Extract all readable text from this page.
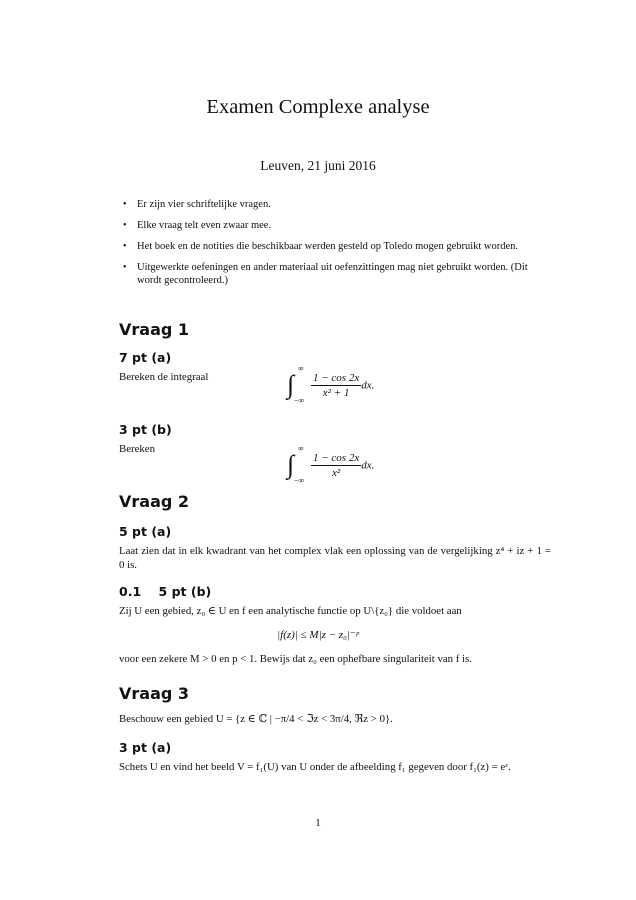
Examen Complexe analyse
Leuven, 21 juni 2016
• Er zijn vier schriftelijke vragen.
• Elke vraag telt even zwaar mee.
• Het boek en de notities die beschikbaar werden gesteld op Toledo mogen gebruikt worden.
• Uitgewerkte oefeningen en ander materiaal uit oefenzittingen mag niet gebruikt worden. (Dit wordt gecontroleerd.)
Vraag 1
7 pt (a)
Bereken de integraal	∫
∞
−∞
$\frac{1 - \cos 2x}{\text{x² + 1}}$ dx.
3 pt (b)
Bereken
∫
∞
−∞
$\frac{1 - \cos 2x}{\text{x²}}$ dx.
Vraag 2
5 pt (a)
Laat zien dat in elk kwadrant van het complex vlak een oplossing van de vergelijking z⁴ + iz + 1 = 0 is.
0.1    5 pt (b)
Zij U een gebied, z₀ ∈ U en f een analytische functie op U\{z₀} die voldoet aan
|f(z)| ≤ M|z − z₀|⁻ᵖ
voor een zekere M > 0 en p < 1. Bewijs dat z₀ een ophefbare singulariteit van f is.
Vraag 3
Beschouw een gebied U = {z ∈ ℂ | −π/4 < ℑz < 3π/4, ℜz > 0}.
3 pt (a)
Schets U en vind het beeld V = f₁(U) van U onder de afbeelding f₁ gegeven door f₁(z) = eᶻ.
1
